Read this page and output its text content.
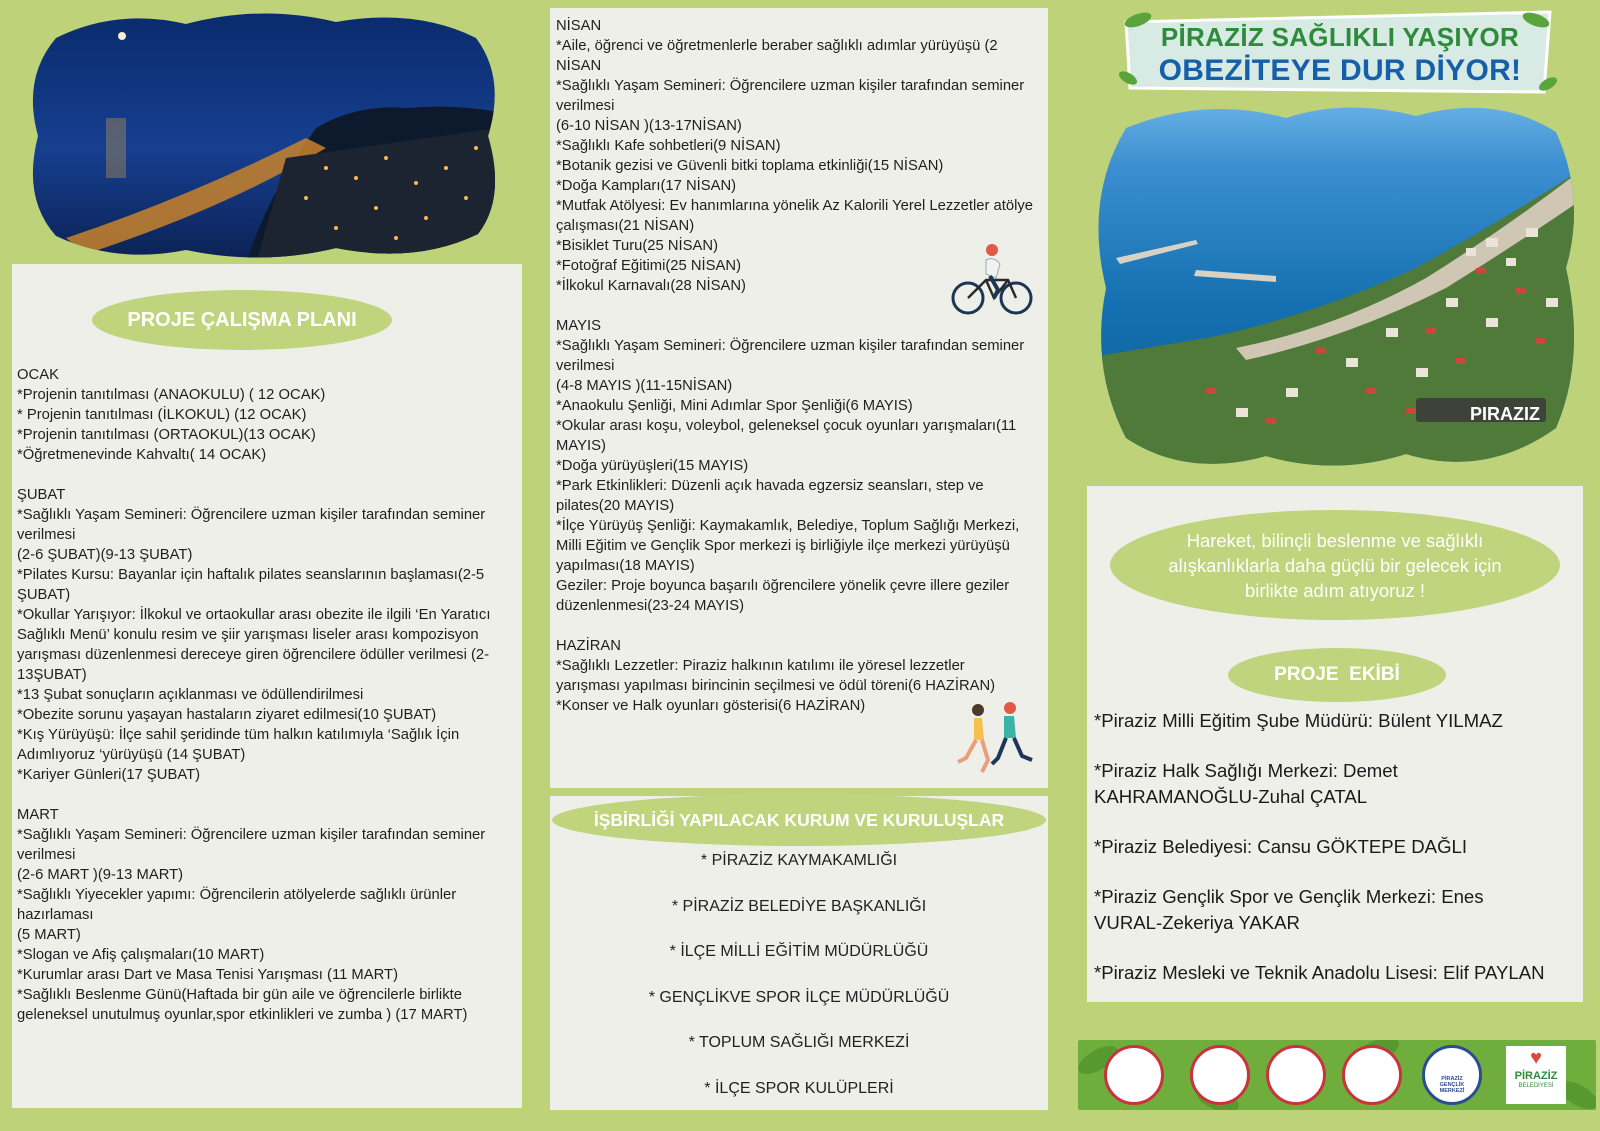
PROJE ÇALIŞMA PLANI
OCAK
*Projenin tanıtılması (ANAOKULU) ( 12 OCAK)
* Projenin tanıtılması (İLKOKUL) (12 OCAK)
*Projenin tanıtılması (ORTAOKUL)(13 OCAK)
*Öğretmenevinde Kahvaltı( 14 OCAK)
ŞUBAT
*Sağlıklı Yaşam Semineri: Öğrencilere uzman kişiler tarafından seminer verilmesi
(2-6 ŞUBAT)(9-13 ŞUBAT)
*Pilates Kursu: Bayanlar için haftalık pilates seanslarının başlaması(2-5 ŞUBAT)
*Okullar Yarışıyor: İlkokul ve ortaokullar arası obezite ile ilgili ‘En Yaratıcı Sağlıklı Menü’ konulu resim ve şiir yarışması liseler arası kompozisyon yarışması düzenlenmesi dereceye giren öğrencilere ödüller verilmesi (2-13ŞUBAT)
*13 Şubat sonuçların açıklanması ve ödüllendirilmesi
*Obezite sorunu yaşayan hastaların ziyaret edilmesi(10 ŞUBAT)
*Kış Yürüyüşü: İlçe sahil şeridinde tüm halkın katılımıyla ‘Sağlık İçin Adımlıyoruz ‘yürüyüşü (14 ŞUBAT)
*Kariyer Günleri(17 ŞUBAT)
MART
*Sağlıklı Yaşam Semineri: Öğrencilere uzman kişiler tarafından seminer verilmesi
(2-6 MART )(9-13 MART)
*Sağlıklı Yiyecekler yapımı: Öğrencilerin atölyelerde sağlıklı ürünler hazırlaması
(5 MART)
*Slogan ve Afiş çalışmaları(10 MART)
*Kurumlar arası Dart ve Masa Tenisi Yarışması (11 MART)
*Sağlıklı Beslenme Günü(Haftada bir gün aile ve öğrencilerle birlikte geleneksel unutulmuş oyunlar,spor etkinlikleri ve zumba ) (17 MART)
NİSAN
*Aile, öğrenci ve öğretmenlerle beraber sağlıklı adımlar yürüyüşü (2 NİSAN
*Sağlıklı Yaşam Semineri: Öğrencilere uzman kişiler tarafından seminer verilmesi
(6-10 NİSAN )(13-17NİSAN)
*Sağlıklı Kafe sohbetleri(9 NİSAN)
*Botanik gezisi ve Güvenli bitki toplama etkinliği(15 NİSAN)
*Doğa Kampları(17 NİSAN)
*Mutfak Atölyesi: Ev hanımlarına yönelik Az Kalorili Yerel Lezzetler atölye çalışması(21 NİSAN)
*Bisiklet Turu(25 NİSAN)
*Fotoğraf Eğitimi(25 NİSAN)
*İlkokul Karnavalı(28 NİSAN)
MAYIS
*Sağlıklı Yaşam Semineri: Öğrencilere uzman kişiler tarafından seminer verilmesi
(4-8 MAYIS )(11-15NİSAN)
*Anaokulu Şenliği, Mini Adımlar Spor Şenliği(6 MAYIS)
*Okular arası koşu, voleybol, geleneksel çocuk oyunları yarışmaları(11 MAYIS)
*Doğa yürüyüşleri(15 MAYIS)
*Park Etkinlikleri: Düzenli açık havada egzersiz seansları, step ve pilates(20 MAYIS)
*İlçe Yürüyüş Şenliği: Kaymakamlık, Belediye, Toplum Sağlığı Merkezi, Milli Eğitim ve Gençlik Spor merkezi iş birliğiyle ilçe merkezi yürüyüşü yapılması(18 MAYIS)
Geziler: Proje boyunca başarılı öğrencilere yönelik çevre illere geziler düzenlenmesi(23-24 MAYIS)
HAZİRAN
*Sağlıklı Lezzetler: Piraziz halkının katılımı ile yöresel lezzetler yarışması yapılması birincinin seçilmesi ve ödül töreni(6 HAZİRAN)
*Konser ve Halk oyunları gösterisi(6 HAZİRAN)
İŞBİRLİĞİ YAPILACAK KURUM VE KURULUŞLAR
* PİRAZİZ KAYMAKAMLIĞI
* PİRAZİZ BELEDİYE BAŞKANLIĞI
* İLÇE MİLLİ EĞİTİM MÜDÜRLÜĞÜ
* GENÇLİKVE SPOR İLÇE MÜDÜRLÜĞÜ
* TOPLUM SAĞLIĞI MERKEZİ
* İLÇE SPOR KULÜPLERİ
PİRAZİZ SAĞLIKLI YAŞIYOR
OBEZİTEYE DUR DİYOR!
PIRAZIZ
Hareket, bilinçli beslenme ve sağlıklı alışkanlıklarla daha güçlü bir gelecek için birlikte adım atıyoruz !
PROJE  EKİBİ
*Piraziz Milli Eğitim Şube Müdürü: Bülent YILMAZ
*Piraziz Halk Sağlığı Merkezi: Demet KAHRAMANOĞLU-Zuhal ÇATAL
*Piraziz Belediyesi: Cansu GÖKTEPE DAĞLI
*Piraziz Gençlik Spor ve Gençlik Merkezi: Enes VURAL-Zekeriya YAKAR
*Piraziz Mesleki ve Teknik Anadolu Lisesi: Elif PAYLAN
PİRAZİZ GENÇLİK MERKEZİ
♥
PİRAZİZ
BELEDİYESİ
